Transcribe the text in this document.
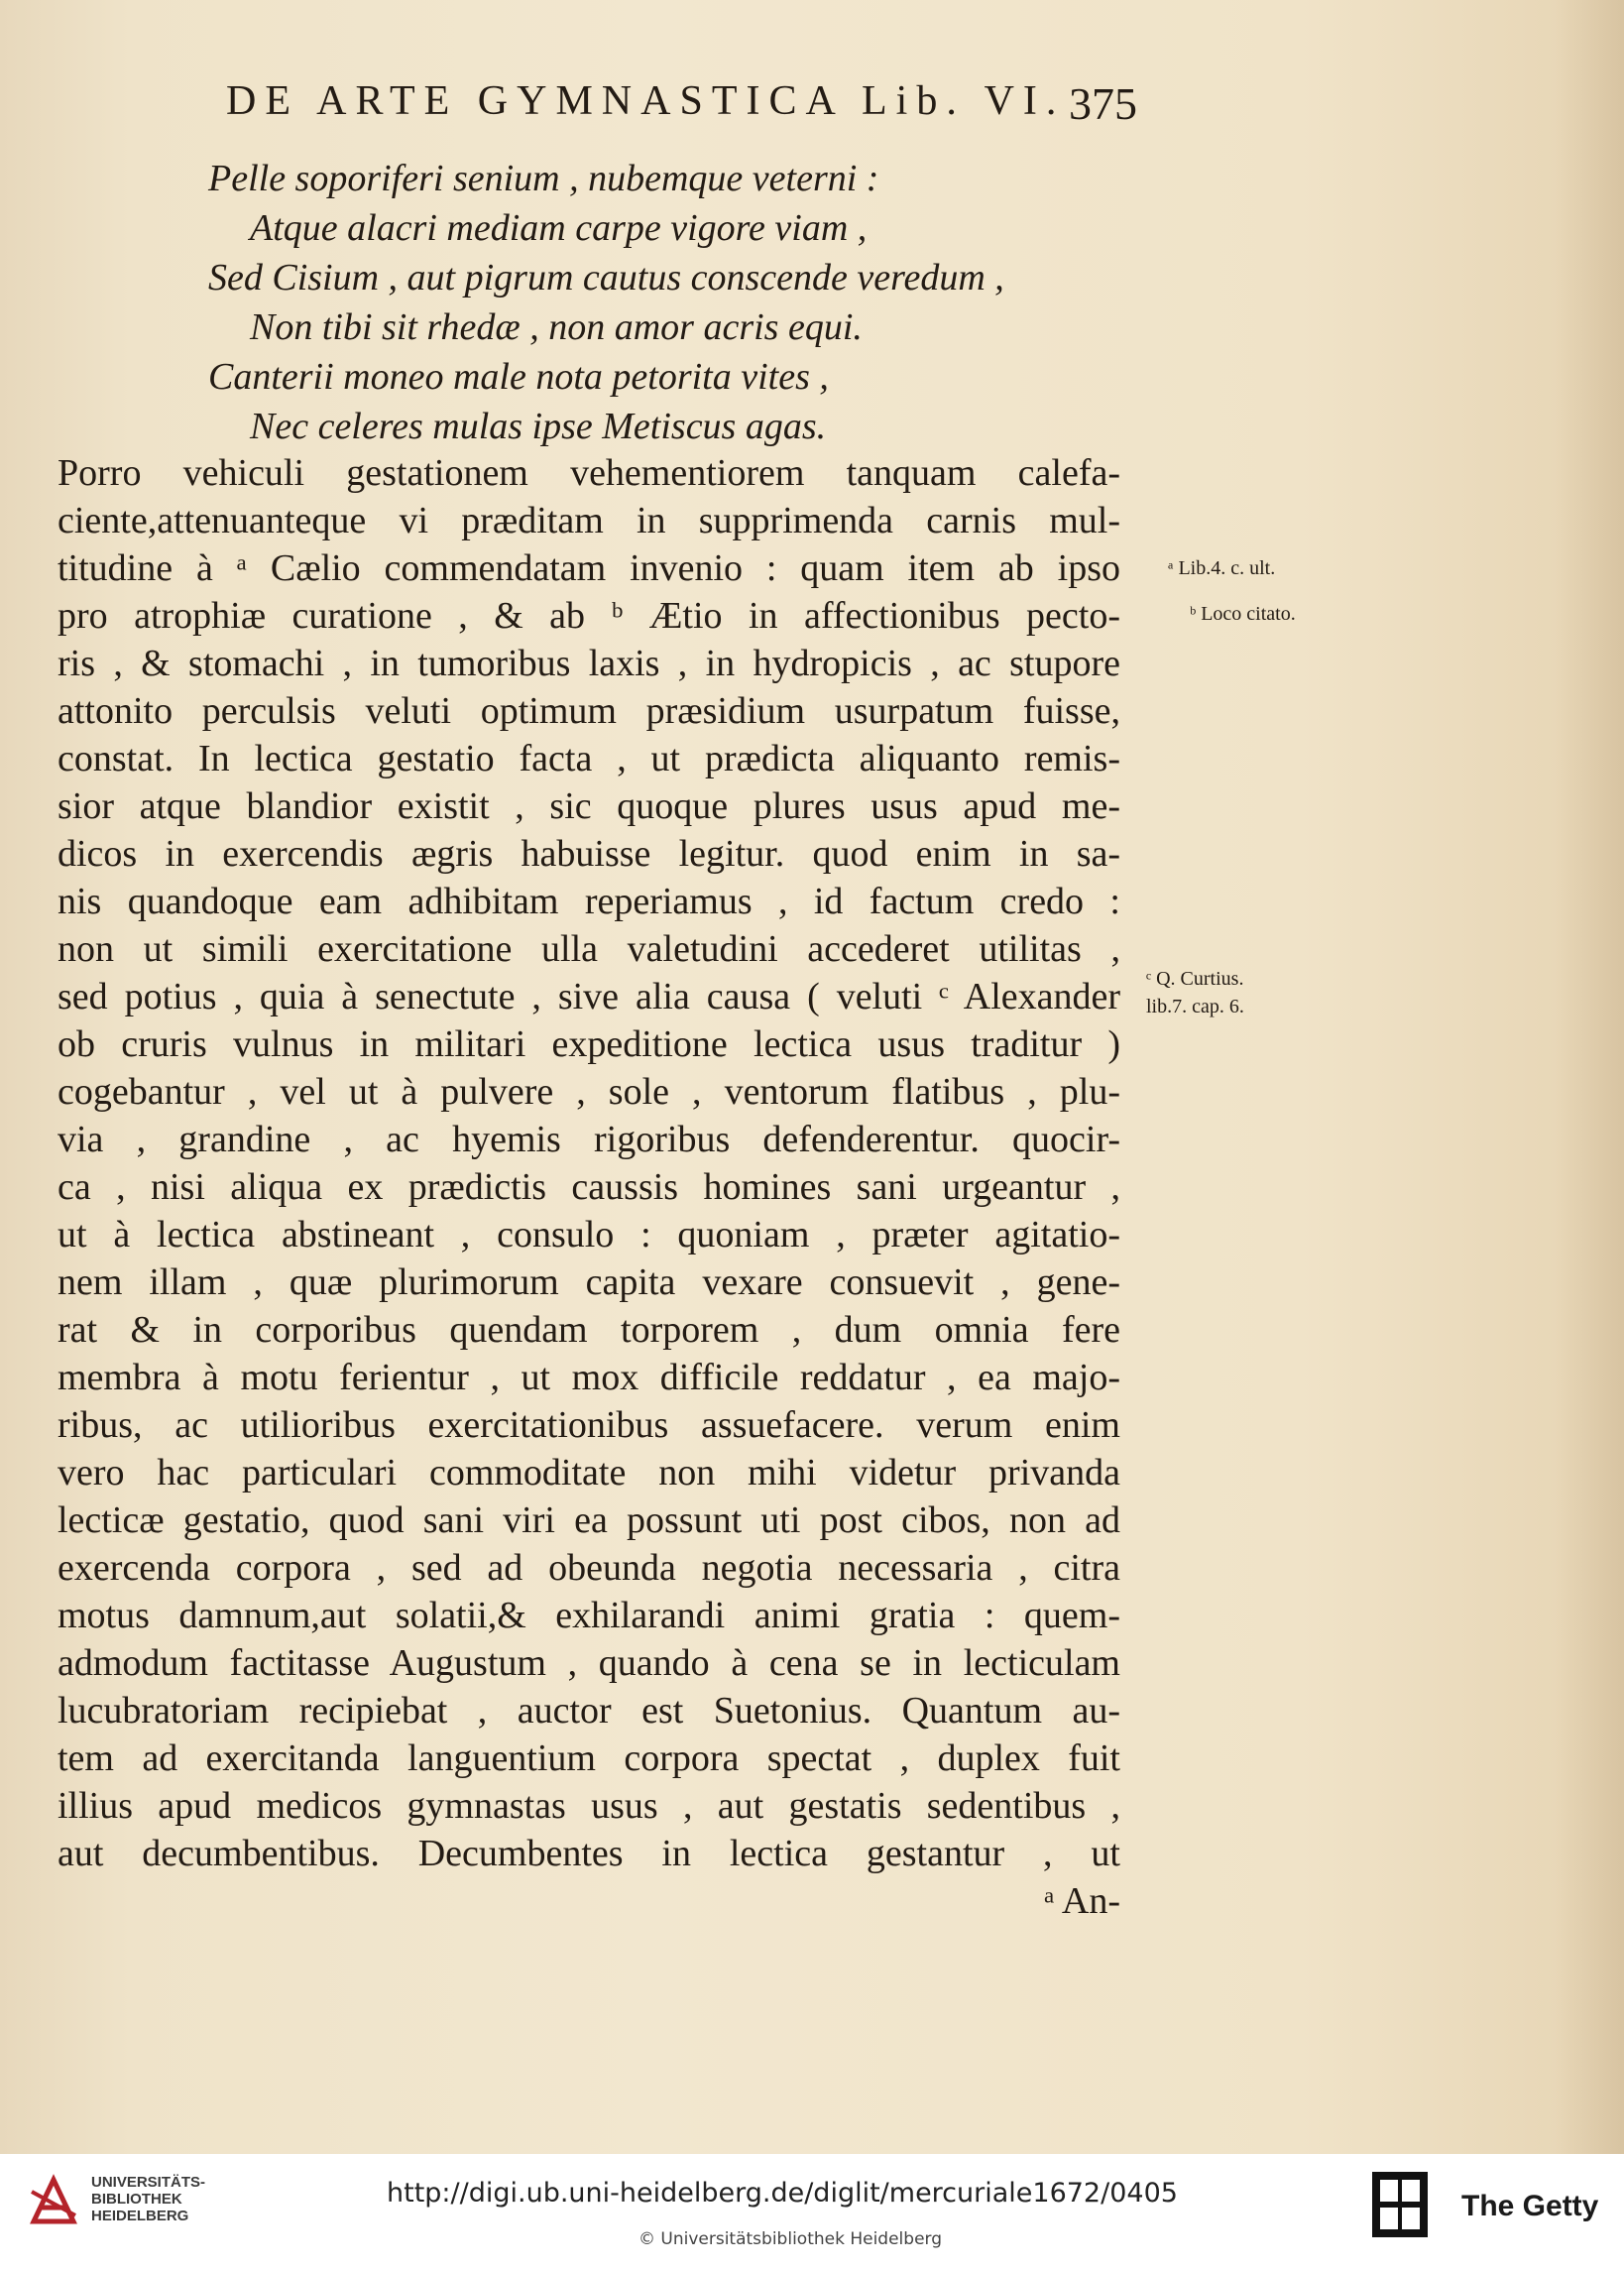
DE ARTE GYMNASTICA Lib. VI. 375
Pelle soporiferi senium , nubemque veterni :
Atque alacri mediam carpe vigore viam ,
Sed Cisium , aut pigrum cautus conscende veredum ,
Non tibi sit rhedæ , non amor acris equi.
Canterii moneo male nota petorita vites ,
Nec celeres mulas ipse Metiscus agas.
Porro vehiculi gestationem vehementiorem tanquam calefa-
ciente,attenuanteque vi præditam in supprimenda carnis mul-
titudine à ᵃ Cælio commendatam invenio : quam item ab ipso
pro atrophiæ curatione , & ab ᵇ Ætio in affectionibus pecto-
ris , & stomachi , in tumoribus laxis , in hydropicis , ac stupore
attonito perculsis veluti optimum præsidium usurpatum fuisse,
constat. In lectica gestatio facta , ut prædicta aliquanto remis-
sior atque blandior existit , sic quoque plures usus apud me-
dicos in exercendis ægris habuisse legitur. quod enim in sa-
nis quandoque eam adhibitam reperiamus , id factum credo :
non ut simili exercitatione ulla valetudini accederet utilitas ,
sed potius , quia à senectute , sive alia causa ( veluti ᶜ Alexander
ob cruris vulnus in militari expeditione lectica usus traditur )
cogebantur , vel ut à pulvere , sole , ventorum flatibus , plu-
via , grandine , ac hyemis rigoribus defenderentur. quocir-
ca , nisi aliqua ex prædictis caussis homines sani urgeantur ,
ut à lectica abstineant , consulo : quoniam , præter agitatio-
nem illam , quæ plurimorum capita vexare consuevit , gene-
rat & in corporibus quendam torporem , dum omnia fere
membra à motu ferientur , ut mox difficile reddatur , ea majo-
ribus, ac utilioribus exercitationibus assuefacere. verum enim
vero hac particulari commoditate non mihi videtur privanda
lecticæ gestatio, quod sani viri ea possunt uti post cibos, non ad
exercenda corpora , sed ad obeunda negotia necessaria , citra
motus damnum,aut solatii,& exhilarandi animi gratia : quem-
admodum factitasse Augustum , quando à cena se in lecticulam
lucubratoriam recipiebat , auctor est Suetonius. Quantum au-
tem ad exercitanda languentium corpora spectat , duplex fuit
illius apud medicos gymnastas usus , aut gestatis sedentibus ,
aut decumbentibus. Decumbentes in lectica gestantur , ut
ᵃ An-
ᵃ Lib.4. c. ult.
ᵇ Loco citato.
ᶜ Q. Curtius.
lib.7. cap. 6.
UNIVERSITÄTS-
BIBLIOTHEK
HEIDELBERG
http://digi.ub.uni-heidelberg.de/diglit/mercuriale1672/0405
© Universitätsbibliothek Heidelberg
The Getty
